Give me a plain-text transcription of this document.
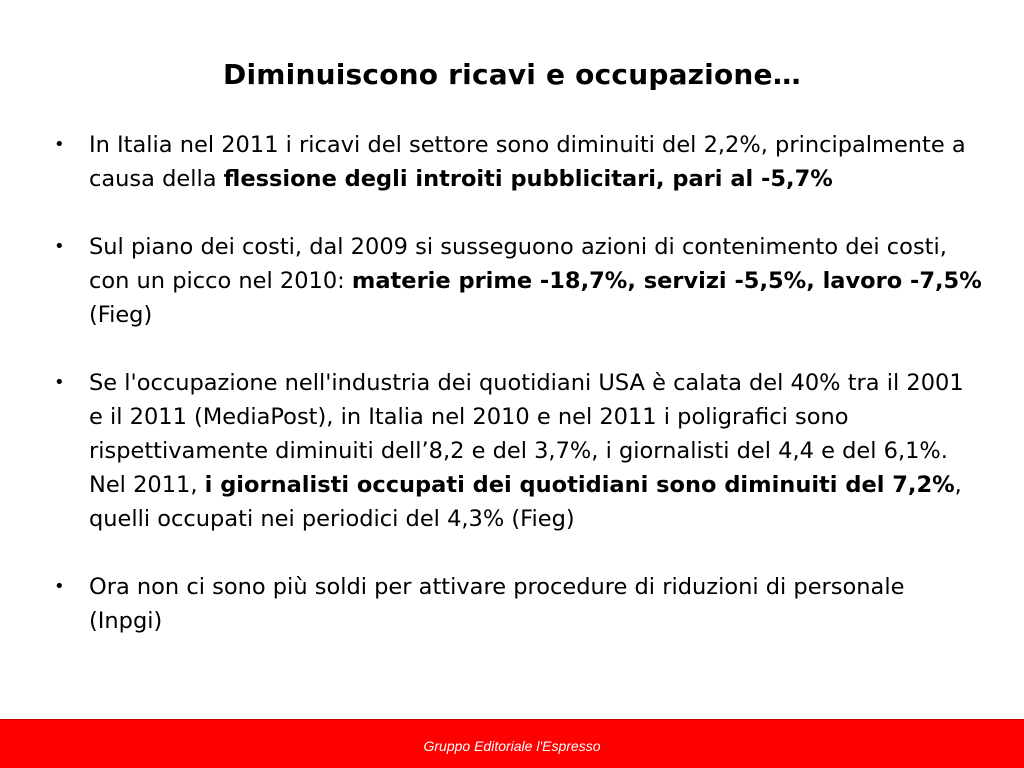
Diminuiscono ricavi e occupazione…
• In Italia nel 2011 i ricavi del settore sono diminuiti del 2,2%, principalmente a causa della flessione degli introiti pubblicitari, pari al -5,7%
• Sul piano dei costi, dal 2009 si susseguono azioni di contenimento dei costi, con un picco nel 2010: materie prime -18,7%, servizi -5,5%, lavoro -7,5% (Fieg)
• Se l'occupazione nell'industria dei quotidiani USA è calata del 40% tra il 2001 e il 2011 (MediaPost), in Italia nel 2010 e nel 2011 i poligrafici sono rispettivamente diminuiti dell’8,2 e del 3,7%, i giornalisti del 4,4 e del 6,1%. Nel 2011, i giornalisti occupati dei quotidiani sono diminuiti del 7,2%, quelli occupati nei periodici del 4,3% (Fieg)
• Ora non ci sono più soldi per attivare procedure di riduzioni di personale (Inpgi)
Gruppo Editoriale l'Espresso
